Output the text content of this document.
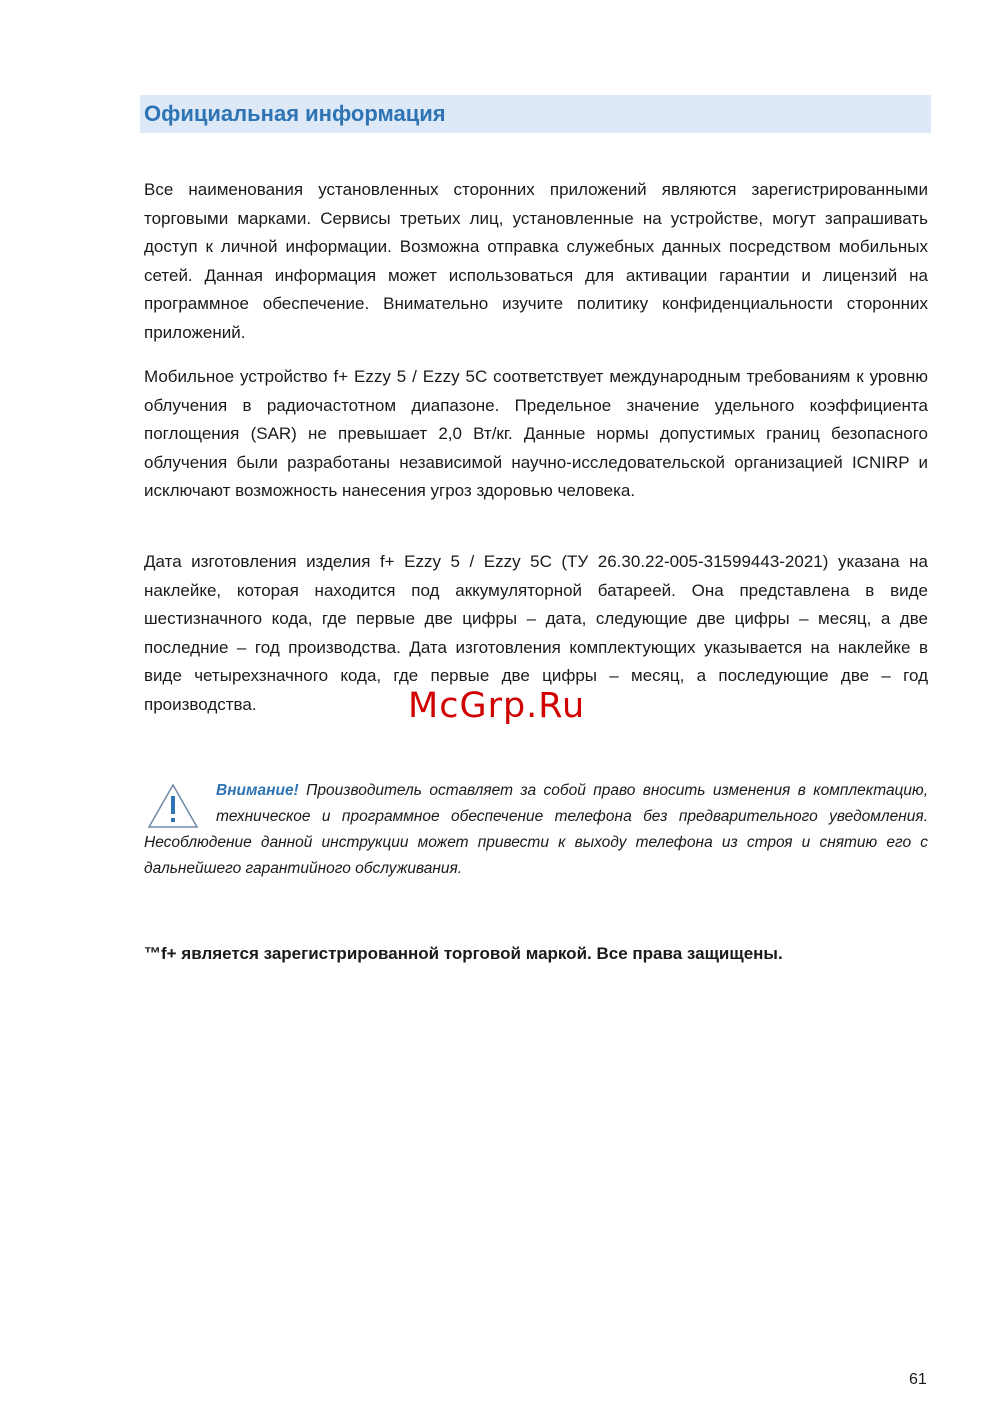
Официальная информация

Все наименования установленных сторонних приложений являются зарегистрированными торговыми марками. Сервисы третьих лиц, установленные на устройстве, могут запрашивать доступ к личной информации. Возможна отправка служебных данных посредством мобильных сетей. Данная информация может использоваться для активации гарантии и лицензий на программное обеспечение. Внимательно изучите политику конфиденциальности сторонних приложений.

Мобильное устройство f+ Ezzy 5 / Ezzy 5C соответствует международным требованиям к уровню облучения в радиочастотном диапазоне. Предельное значение удельного коэффициента поглощения (SAR) не превышает 2,0 Вт/кг. Данные нормы допустимых границ безопасного облучения были разработаны независимой научно-исследовательской организацией ICNIRP и исключают возможность нанесения угроз здоровью человека.

Дата изготовления изделия f+ Ezzy 5 / Ezzy 5C (ТУ 26.30.22-005-31599443-2021) указана на наклейке, которая находится под аккумуляторной батареей. Она представлена в виде шестизначного кода, где первые две цифры – дата, следующие две цифры – месяц, а две последние – год производства. Дата изготовления комплектующих указывается на наклейке в виде четырехзначного кода, где первые две цифры – месяц, а последующие две – год производства.	McGrp.Ru

Внимание! Производитель оставляет за собой право вносить изменения в комплектацию, техническое и программное обеспечение телефона без предварительного уведомления. Несоблюдение данной инструкции может привести к выходу телефона из строя и снятию его с дальнейшего гарантийного обслуживания.

™f+ является зарегистрированной торговой маркой. Все права защищены.

61
